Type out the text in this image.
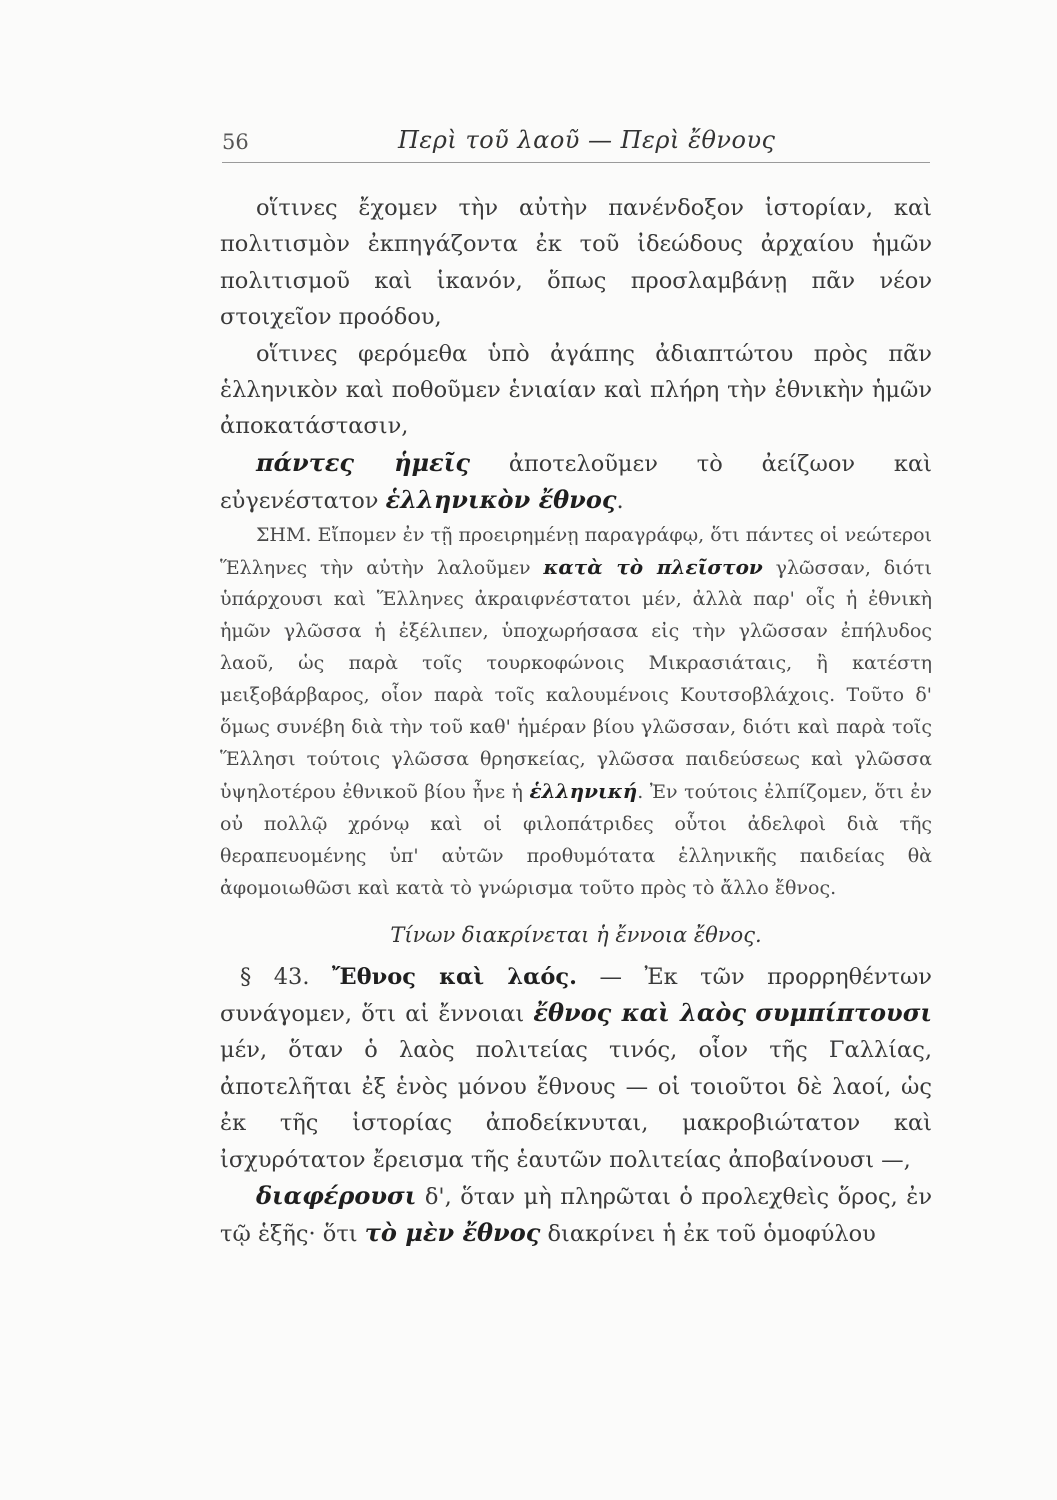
56	Περὶ τοῦ λαοῦ — Περὶ ἔθνους

οἵτινες ἔχομεν τὴν αὐτὴν πανένδοξον ἱστορίαν, καὶ πολιτισμὸν ἐκπηγάζοντα ἐκ τοῦ ἰδεώδους ἀρχαίου ἡμῶν πολιτισμοῦ καὶ ἱκανόν, ὅπως προσλαμβάνῃ πᾶν νέον στοιχεῖον προόδου,

οἵτινες φερόμεθα ὑπὸ ἀγάπης ἀδιαπτώτου πρὸς πᾶν ἑλληνικὸν καὶ ποθοῦμεν ἑνιαίαν καὶ πλήρη τὴν ἐθνικὴν ἡμῶν ἀποκατάστασιν,

πάντες ἡμεῖς ἀποτελοῦμεν τὸ ἀείζωον καὶ εὐγενέστατον ἑλληνικὸν ἔθνος.

ΣΗΜ. Εἴπομεν ἐν τῇ προειρημένῃ παραγράφῳ, ὅτι πάντες οἱ νεώτεροι Ἕλληνες τὴν αὐτὴν λαλοῦμεν κατὰ τὸ πλεῖστον γλῶσσαν, διότι ὑπάρχουσι καὶ Ἕλληνες ἀκραιφνέστατοι μέν, ἀλλὰ παρ' οἷς ἡ ἐθνικὴ ἡμῶν γλῶσσα ἡ ἐξέλιπεν, ὑποχωρήσασα εἰς τὴν γλῶσσαν ἐπήλυδος λαοῦ, ὡς παρὰ τοῖς τουρκοφώνοις Μικρασιάταις, ἢ κατέστη μειξοβάρβαρος, οἷον παρὰ τοῖς καλουμένοις Κουτσοβλάχοις. Τοῦτο δ' ὅμως συνέβη διὰ τὴν τοῦ καθ' ἡμέραν βίου γλῶσσαν, διότι καὶ παρὰ τοῖς Ἕλλησι τούτοις γλῶσσα θρησκείας, γλῶσσα παιδεύσεως καὶ γλῶσσα ὑψηλοτέρου ἐθνικοῦ βίου ἦνε ἡ ἑλληνική. Ἐν τούτοις ἐλπίζομεν, ὅτι ἐν οὐ πολλῷ χρόνῳ καὶ οἱ φιλοπάτριδες οὗτοι ἀδελφοὶ διὰ τῆς θεραπευομένης ὑπ' αὐτῶν προθυμότατα ἑλληνικῆς παιδείας θὰ ἀφομοιωθῶσι καὶ κατὰ τὸ γνώρισμα τοῦτο πρὸς τὸ ἄλλο ἔθνος.

Τίνων διακρίνεται ἡ ἔννοια ἔθνος.

§ 43. Ἔθνος καὶ λαός. — Ἐκ τῶν προρρηθέντων συνάγομεν, ὅτι αἱ ἔννοιαι ἔθνος καὶ λαὸς συμπίπτουσι μέν, ὅταν ὁ λαὸς πολιτείας τινός, οἷον τῆς Γαλλίας, ἀποτελῆται ἐξ ἑνὸς μόνου ἔθνους — οἱ τοιοῦτοι δὲ λαοί, ὡς ἐκ τῆς ἱστορίας ἀποδείκνυται, μακροβιώτατον καὶ ἰσχυρότατον ἔρεισμα τῆς ἑαυτῶν πολιτείας ἀποβαίνουσι —,

διαφέρουσι δ', ὅταν μὴ πληρῶται ὁ προλεχθεὶς ὅρος, ἐν τῷ ἑξῆς· ὅτι τὸ μὲν ἔθνος διακρίνει ἡ ἐκ τοῦ ὁμοφύλου
